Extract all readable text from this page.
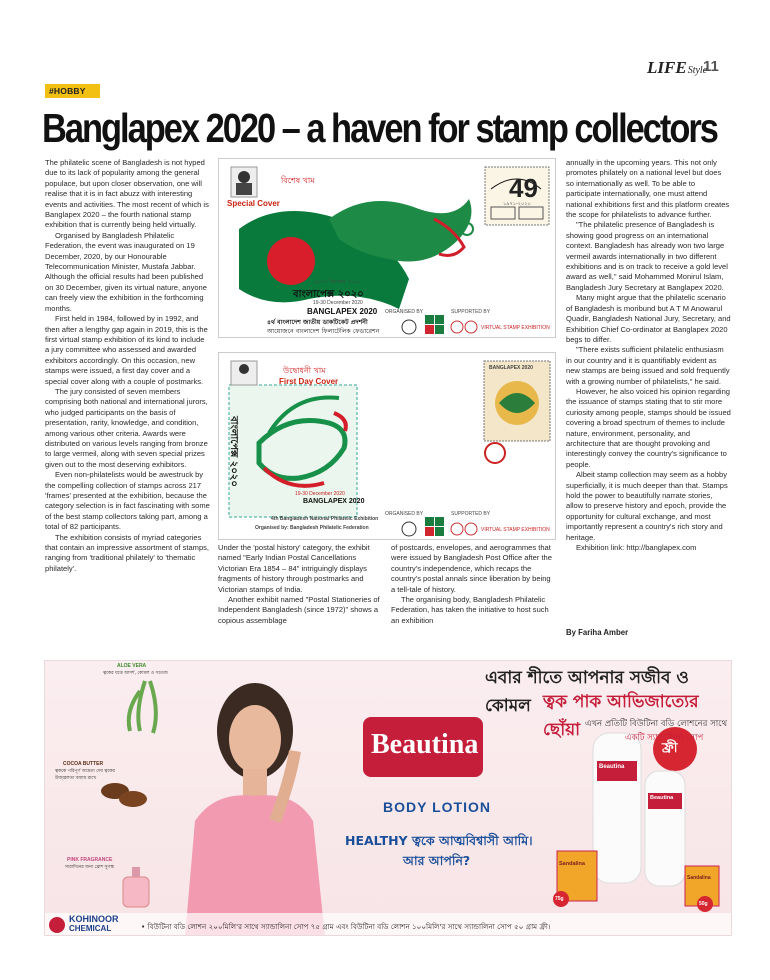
LIFEStyle
11
#HOBBY
Banglapex 2020 – a haven for stamp collectors

The philatelic scene of Bangladesh is not hyped due to its lack of popularity among the general populace, but upon closer observation, one will realise that it is in fact abuzz with interesting events and activities. The most recent of which is Banglapex 2020 – the fourth national stamp exhibition that is currently being held virtually.

Organised by Bangladesh Philatelic Federation, the event was inaugurated on 19 December, 2020, by our Honourable Telecommunication Minister, Mustafa Jabbar. Although the official results had been published on 30 December, given its virtual nature, anyone can freely view the exhibition in the forthcoming months.

First held in 1984, followed by in 1992, and then after a lengthy gap again in 2019, this is the first virtual stamp exhibition of its kind to include a jury committee who assessed and awarded exhibitors accordingly. On this occasion, new stamps were issued, a first day cover and a special cover along with a couple of postmarks.

The jury consisted of seven members comprising both national and international jurors, who judged participants on the basis of presentation, rarity, knowledge, and condition, among various other criteria. Awards were distributed on various levels ranging from bronze to large vermeil, along with seven special prizes given out to the most deserving exhibitors.

Even non-philatelists would be awestruck by the compelling collection of stamps across 217 'frames' presented at the exhibition, because the category selection is in fact fascinating with some of the best stamp collectors taking part, among a total of 82 participants.

The exhibition consists of myriad categories that contain an impressive assortment of stamps, ranging from 'traditional philately' to 'thematic philately'.

Under the 'postal history' category, the exhibit named "Early Indian Postal Cancellations Victorian Era 1854 – 84" intriguingly displays fragments of history through postmarks and Victorian stamps of India.

Another exhibit named "Postal Stationeries of Independent Bangladesh (since 1972)" shows a copious assemblage

of postcards, envelopes, and aerogrammes that were issued by Bangladesh Post Office after the country's independence, which recaps the country's postal annals since liberation by being a tell-tale of history.

The organising body, Bangladesh Philatelic Federation, has taken the initiative to host such an exhibition

annually in the upcoming years. This not only promotes philately on a national level but does so internationally as well. To be able to participate internationally, one must attend national exhibitions first and this platform creates the scope for philatelists to advance further.

"The philatelic presence of Bangladesh is showing good progress on an international context. Bangladesh has already won two large vermeil awards internationally in two different exhibitions and is on track to receive a gold level award as well," said Mohammed Monirul Islam, Bangladesh Jury Secretary at Banglapex 2020.

Many might argue that the philatelic scenario of Bangladesh is moribund but A T M Anowarul Quadir, Bangladesh National Jury, Secretary, and Exhibition Chief Co-ordinator at Banglapex 2020 begs to differ.

"There exists sufficient philatelic enthusiasm in our country and it is quantifiably evident as new stamps are being issued and sold frequently with a growing number of philatelists," he said.

However, he also voiced his opinion regarding the issuance of stamps stating that to stir more curiosity among people, stamps should be issued covering a broad spectrum of themes to include nature, environment, personality, and architecture that are thought provoking and interestingly convey the country's significance to people.

Albeit stamp collection may seem as a hobby superficially, it is much deeper than that. Stamps hold the power to beautifully narrate stories, allow to preserve history and epoch, provide the opportunity for cultural exchange, and most importantly represent a country's rich story and heritage.

Exhibition link: http://banglapex.com

By Fariha Amber
Special Cover
বিশেষ খাম
১৯-৩০ ডিসেম্বর ২০২০
বাংলাপেক্স ২০২০
19-30 December 2020
BANGLAPEX 2020
৪র্থ বাংলাদেশ জাতীয় ডাকটিকেট প্রদর্শনী
আয়োজনে বাংলাদেশ ফিলাটেলিক ফেডারেশন
ORGANISED BY	SUPPORTED BY
VIRTUAL STAMP EXHIBITION
49
১৯৭১-২০২০
উদ্বোধনী খাম
First Day Cover
বাংলাপেক্স ২০২০
19-30 December 2020
BANGLAPEX 2020
4th Bangladesh National Philatelic Exhibition
Organised by: Bangladesh Philatelic Federation
ORGANISED BY	SUPPORTED BY
VIRTUAL STAMP EXHIBITION
BANGLAPEX 2020
এবার শীতে আপনার সজীব ও কোমল ত্বক পাক আভিজাত্যের ছোঁয়া এখন প্রতিটি বিউটিনা বডি লোশনের সাথে
একটি স্যান্ডালিনা সোপ
ফ্রী
Beautina
BODY LOTION
HEALTHY ত্বকে আত্মবিশ্বাসী আমি।
আর আপনি?
ALOE VERA
ত্বকের যত্নে আদর্শ, কোমল ও সতেজ
COCOA BUTTER
ত্বককে পরিপূর্ণ আদ্রতা দেয় ত্বকের উজ্জ্বলতা বজায় রাখে
PINK FRAGRANCE
সারাদিনের জন্য ফ্রেশ সুগন্ধ
Beautina
Beautina
Sandalina
Sandalina
75g
50g
KOHINOOR
CHEMICAL	• বিউটিনা বডি লোশন ২০০মিলি'র সাথে স্যান্ডালিনা সোপ ৭৫ গ্রাম এবং বিউটিনা বডি লোশন ১০০মিলি'র সাথে স্যান্ডালিনা সোপ ৫০ গ্রাম ফ্রী।
